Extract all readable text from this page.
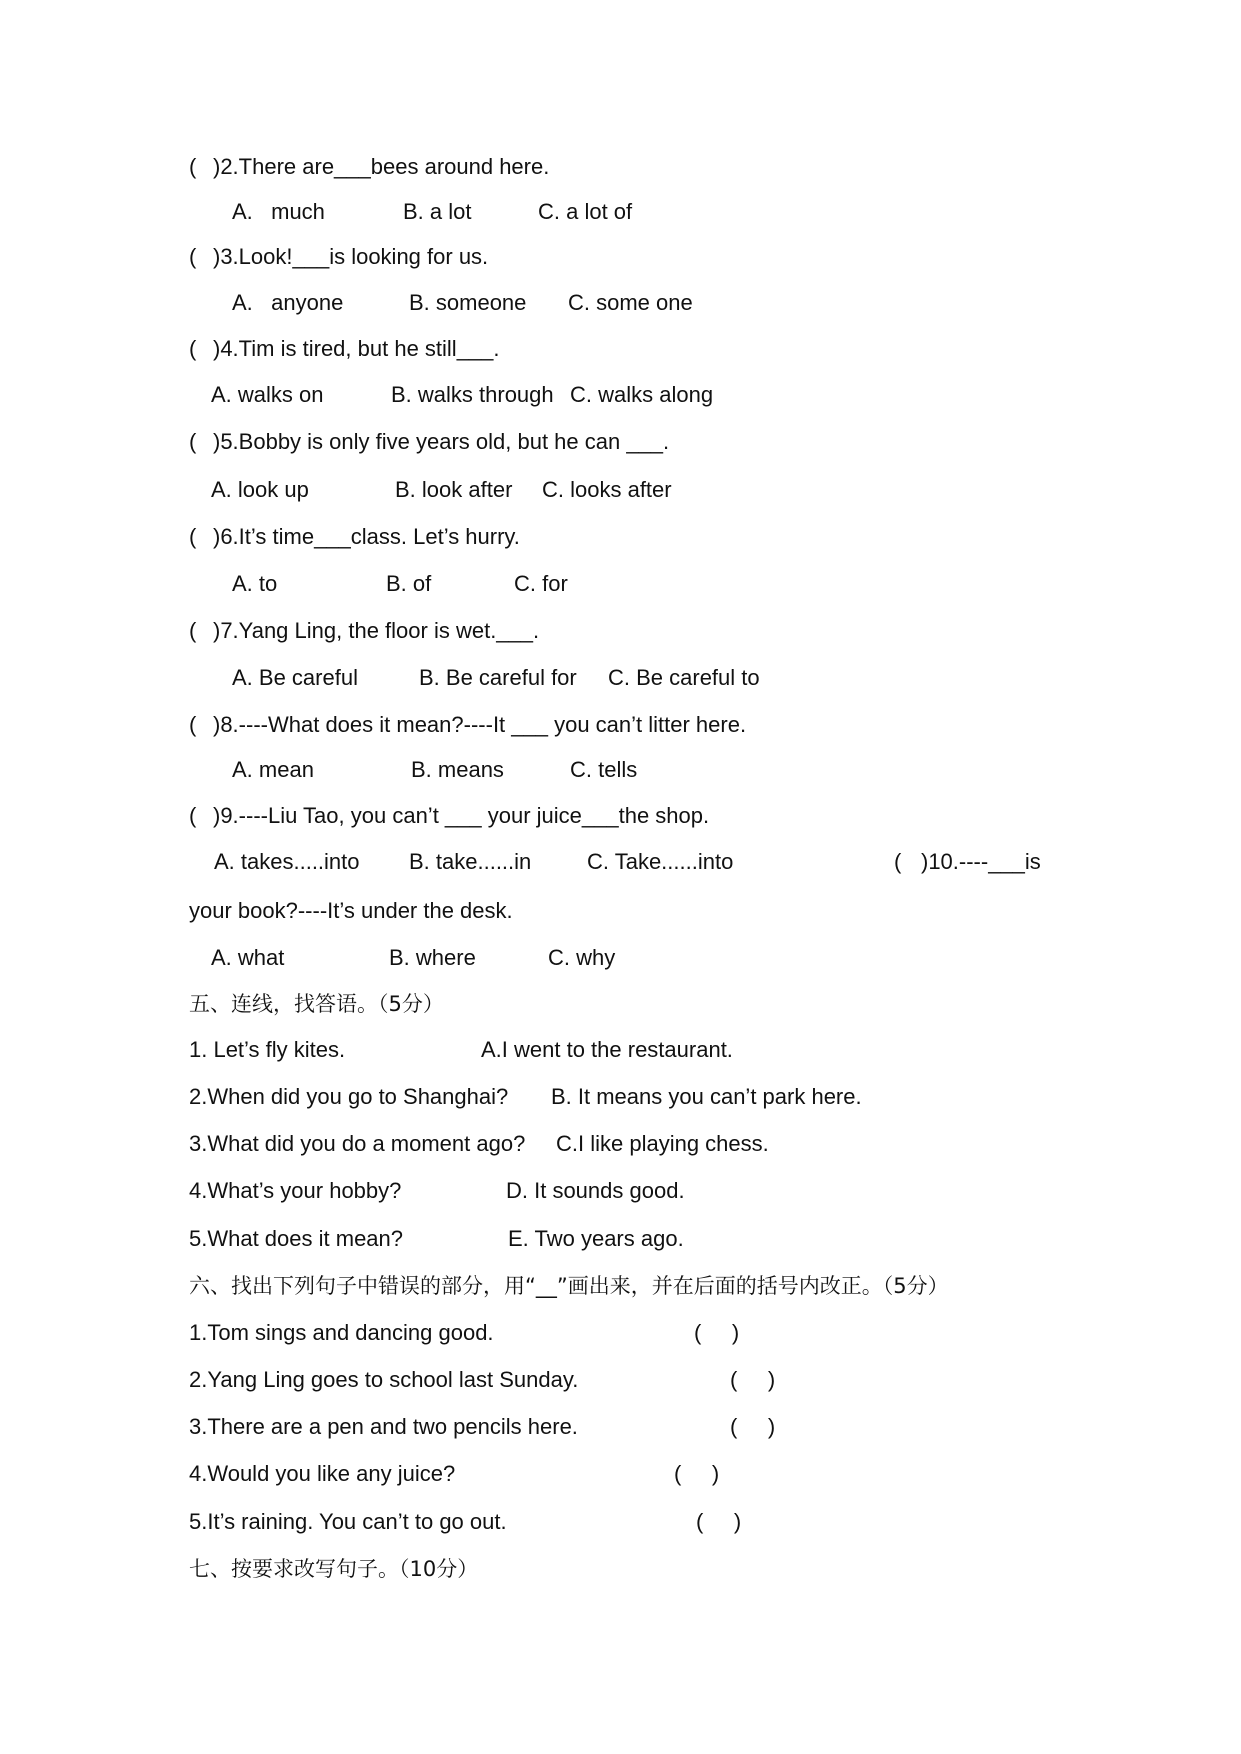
( )2.There are___bees around here.
A.   much	B. a lot	C. a lot of
( )3.Look!___is looking for us.
A.   anyone	B. someone C. some one
( )4.Tim is tired, but he still___.
A. walks on	B. walks through C. walks along
( )5.Bobby is only five years old, but he can ___.
A. look up	B. look after C. looks after
( )6.It’s time___class. Let’s hurry.
A. to	B. of	C. for
( )7.Yang Ling, the floor is wet.___.
A. Be careful	B. Be careful for C. Be careful to
( )8.----What does it mean?----It ___ you can’t litter here.
A. mean	B. means	C. tells
( )9.----Liu Tao, you can’t ___ your juice___the shop.
A. takes.....into B. take......in	C. Take......into	( )10.----___is
your book?----It’s under the desk.
A. what	B. where	C. why
五、连线，找答语。（5分）
1. Let’s fly kites.	A.I went to the restaurant.
2.When did you go to Shanghai? B. It means you can’t park here.
3.What did you do a moment ago? C.I like playing chess.
4.What’s your hobby?	D. It sounds good.
5.What does it mean?	E. Two years ago.
六、找出下列句子中错误的部分，用“__”画出来，并在后面的括号内改正。（5分）
1.Tom sings and dancing good.	(     )
2.Yang Ling goes to school last Sunday.	(     )
3.There are a pen and two pencils here.	(     )
4.Would you like any juice?	(     )
5.It’s raining. You can’t to go out.	(     )
七、按要求改写句子。（10分）
